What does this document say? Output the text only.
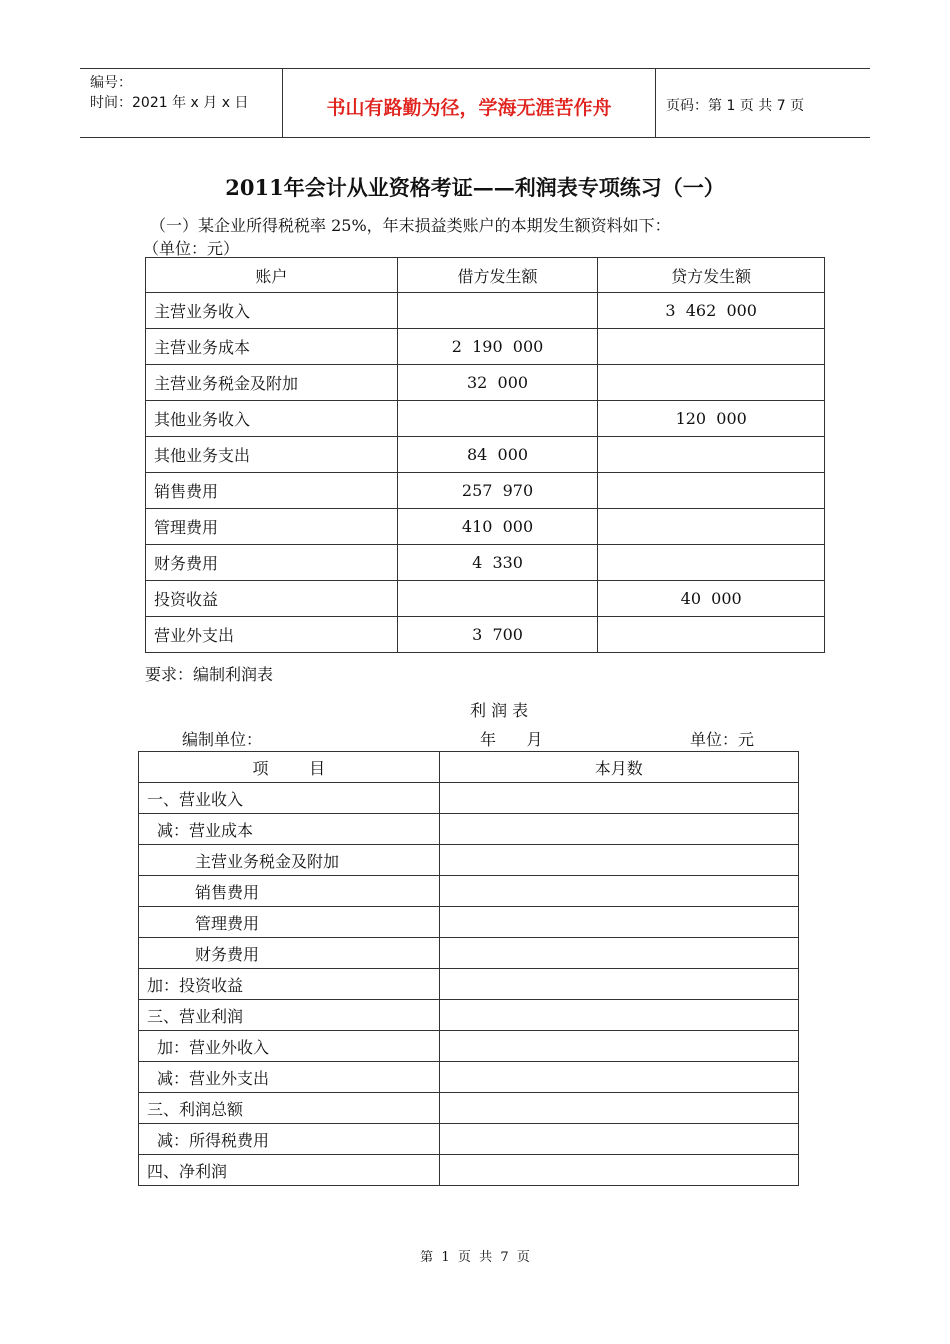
编号：
时间：2021 年 x 月 x 日	书山有路勤为径，学海无涯苦作舟	页码：第 1 页 共 7 页
2011年会计从业资格考证——利润表专项练习（一）
（一）某企业所得税税率 25%，年末损益类账户的本期发生额资料如下：
（单位：元）
账户	借方发生额	贷方发生额
主营业务收入		3  462  000
主营业务成本	2  190  000	
主营业务税金及附加	32  000	
其他业务收入		120  000
其他业务支出	84  000	
销售费用	257  970	
管理费用	410  000	
财务费用	4  330	
投资收益		40  000
营业外支出	3  700	
要求：编制利润表
利 润 表
编制单位：	年      月	单位：元
项        目	本月数
一、营业收入	
减：营业成本	
主营业务税金及附加	
销售费用	
管理费用	
财务费用	
加：投资收益	
三、营业利润	
加：营业外收入	
减：营业外支出	
三、利润总额	
减：所得税费用	
四、净利润	
第  1  页  共  7  页
